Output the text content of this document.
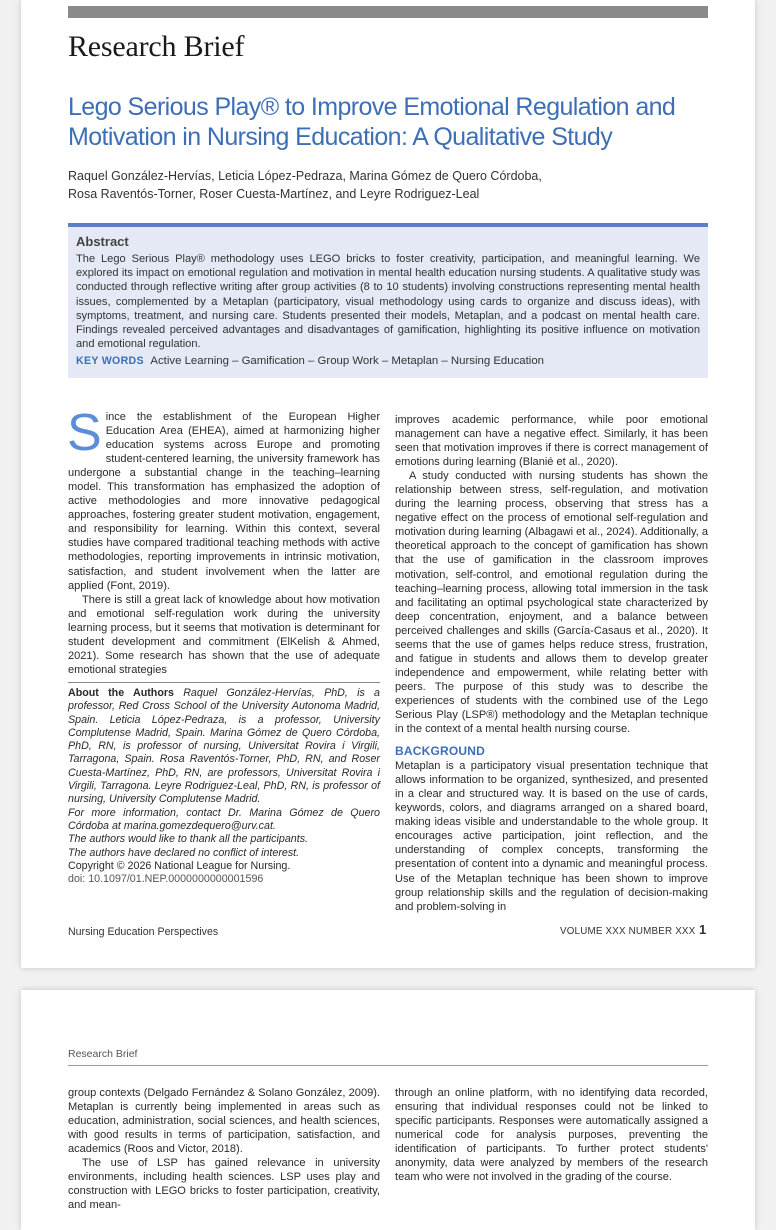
Research Brief
Lego Serious Play® to Improve Emotional Regulation and Motivation in Nursing Education: A Qualitative Study
Raquel González-Hervías, Leticia López-Pedraza, Marina Gómez de Quero Córdoba,
Rosa Raventós-Torner, Roser Cuesta-Martínez, and Leyre Rodriguez-Leal
Abstract
The Lego Serious Play® methodology uses LEGO bricks to foster creativity, participation, and meaningful learning. We explored its impact on emotional regulation and motivation in mental health education nursing students. A qualitative study was conducted through reflective writing after group activities (8 to 10 students) involving constructions representing mental health issues, complemented by a Metaplan (participatory, visual methodology using cards to organize and discuss ideas), with symptoms, treatment, and nursing care. Students presented their models, Metaplan, and a podcast on mental health care. Findings revealed perceived advantages and disadvantages of gamification, highlighting its positive influence on motivation and emotional regulation.
KEY WORDS Active Learning – Gamification – Group Work – Metaplan – Nursing Education

Since the establishment of the European Higher Education Area (EHEA), aimed at harmonizing higher education systems across Europe and promoting student-centered learning, the university framework has undergone a substantial change in the teaching–learning model. This transformation has emphasized the adoption of active methodologies and more innovative pedagogical approaches, fostering greater student motivation, engagement, and responsibility for learning. Within this context, several studies have compared traditional teaching methods with active methodologies, reporting improvements in intrinsic motivation, satisfaction, and student involvement when the latter are applied (Font, 2019).

There is still a great lack of knowledge about how motivation and emotional self-regulation work during the university learning process, but it seems that motivation is determinant for student development and commitment (ElKelish & Ahmed, 2021). Some research has shown that the use of adequate emotional strategies

About the Authors Raquel González-Hervías, PhD, is a professor, Red Cross School of the University Autonoma Madrid, Spain. Leticia López-Pedraza, is a professor, University Complutense Madrid, Spain. Marina Gómez de Quero Córdoba, PhD, RN, is professor of nursing, Universitat Rovira i Virgili, Tarragona, Spain. Rosa Raventós-Torner, PhD, RN, and Roser Cuesta-Martínez, PhD, RN, are professors, Universitat Rovira i Virgili, Tarragona. Leyre Rodriguez-Leal, PhD, RN, is professor of nursing, University Complutense Madrid.

For more information, contact Dr. Marina Gómez de Quero Córdoba at marina.gomezdequero@urv.cat.

The authors would like to thank all the participants.

The authors have declared no conflict of interest.

Copyright © 2026 National League for Nursing.

doi: 10.1097/01.NEP.0000000000001596

improves academic performance, while poor emotional management can have a negative effect. Similarly, it has been seen that motivation improves if there is correct management of emotions during learning (Blanié et al., 2020).

A study conducted with nursing students has shown the relationship between stress, self-regulation, and motivation during the learning process, observing that stress has a negative effect on the process of emotional self-regulation and motivation during learning (Albagawi et al., 2024). Additionally, a theoretical approach to the concept of gamification has shown that the use of gamification in the classroom improves motivation, self-control, and emotional regulation during the teaching–learning process, allowing total immersion in the task and facilitating an optimal psychological state characterized by deep concentration, enjoyment, and a balance between perceived challenges and skills (García-Casaus et al., 2020). It seems that the use of games helps reduce stress, frustration, and fatigue in students and allows them to develop greater independence and empowerment, while relating better with peers. The purpose of this study was to describe the experiences of students with the combined use of the Lego Serious Play (LSP®) methodology and the Metaplan technique in the context of a mental health nursing course.

BACKGROUND

Metaplan is a participatory visual presentation technique that allows information to be organized, synthesized, and presented in a clear and structured way. It is based on the use of cards, keywords, colors, and diagrams arranged on a shared board, making ideas visible and understandable to the whole group. It encourages active participation, joint reflection, and the understanding of complex concepts, transforming the presentation of content into a dynamic and meaningful process. Use of the Metaplan technique has been shown to improve group relationship skills and the regulation of decision-making and problem-solving in

Nursing Education Perspectives	VOLUME XXX NUMBER XXX 1
Research Brief

group contexts (Delgado Fernández & Solano González, 2009). Metaplan is currently being implemented in areas such as education, administration, social sciences, and health sciences, with good results in terms of participation, satisfaction, and academics (Roos and Victor, 2018).

The use of LSP has gained relevance in university environments, including health sciences. LSP uses play and construction with LEGO bricks to foster participation, creativity, and mean-

through an online platform, with no identifying data recorded, ensuring that individual responses could not be linked to specific participants. Responses were automatically assigned a numerical code for analysis purposes, preventing the identification of participants. To further protect students' anonymity, data were analyzed by members of the research team who were not involved in the grading of the course.
